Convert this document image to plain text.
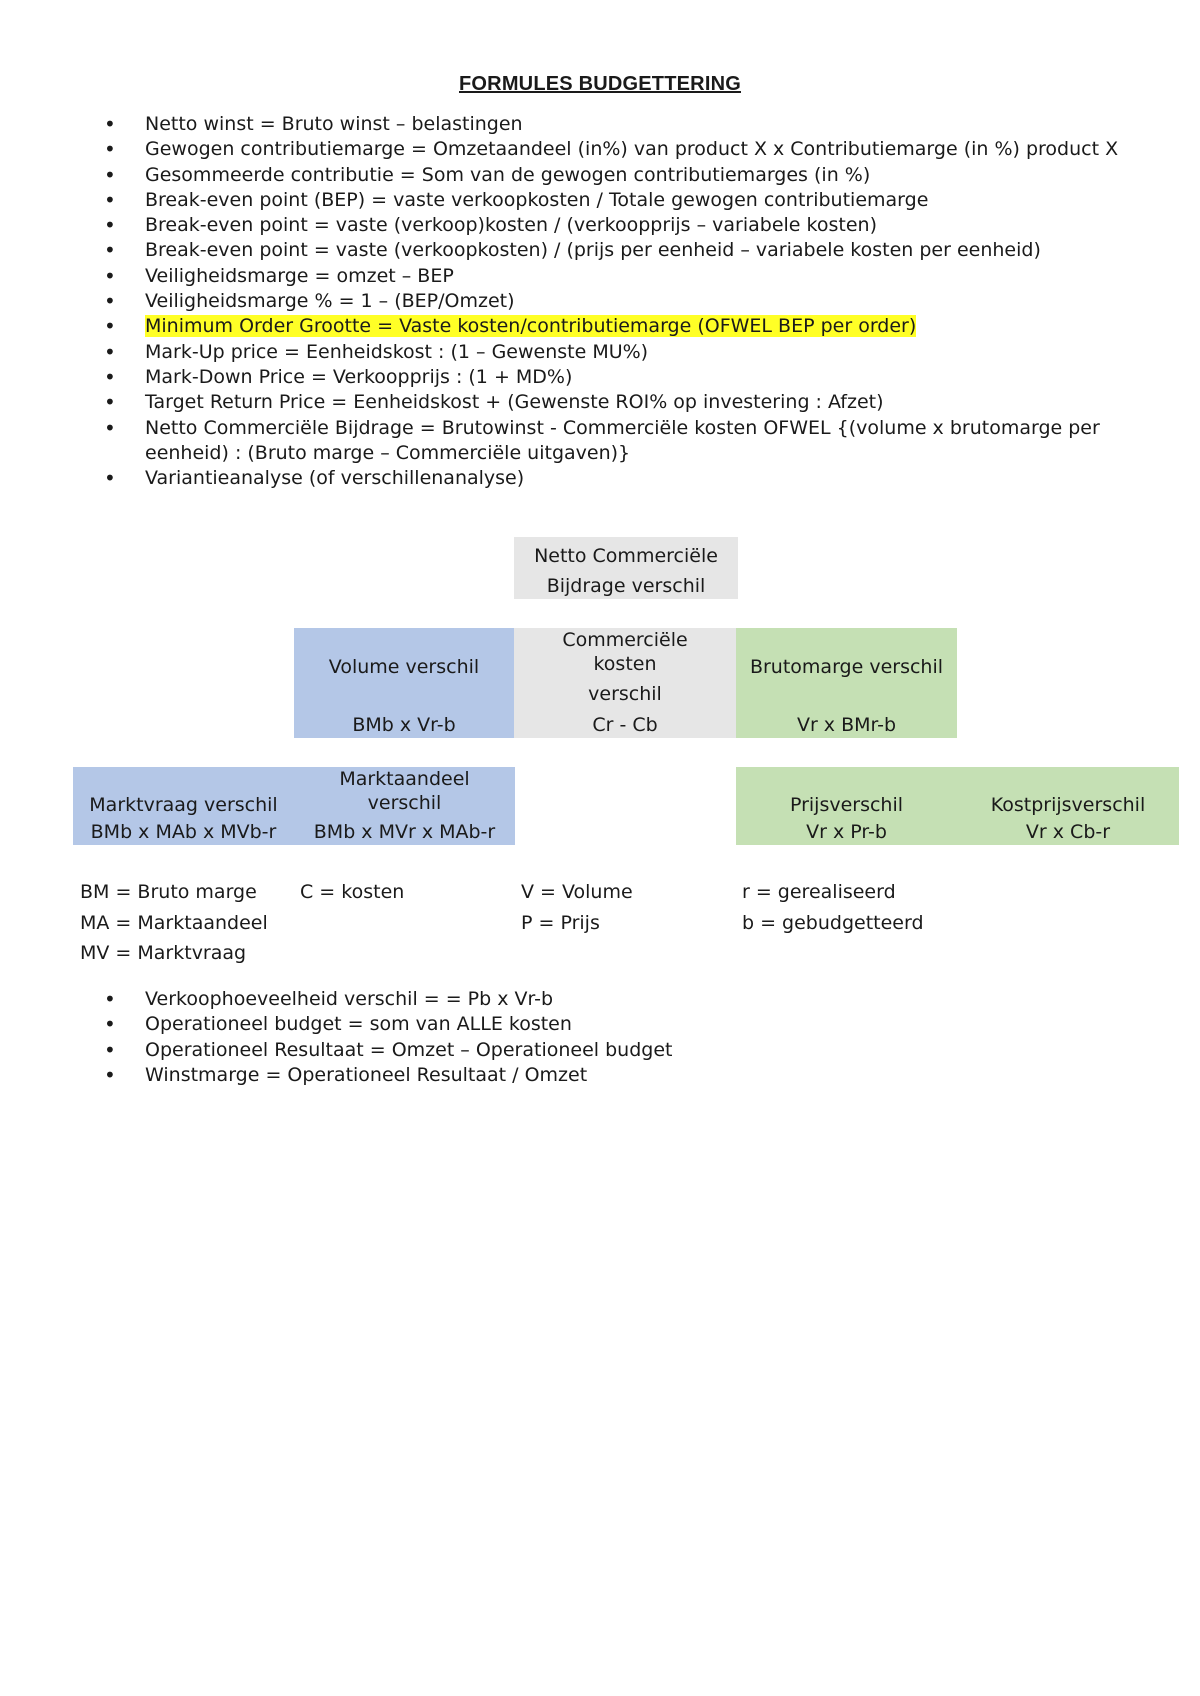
FORMULES BUDGETTERING
• Netto winst = Bruto winst – belastingen
• Gewogen contributiemarge = Omzetaandeel (in%) van product X x Contributiemarge (in %) product X
• Gesommeerde contributie = Som van de gewogen contributiemarges (in %)
• Break-even point (BEP) = vaste verkoopkosten / Totale gewogen contributiemarge
• Break-even point = vaste (verkoop)kosten / (verkoopprijs – variabele kosten)
• Break-even point = vaste (verkoopkosten) / (prijs per eenheid – variabele kosten per eenheid)
• Veiligheidsmarge = omzet – BEP
• Veiligheidsmarge % = 1 – (BEP/Omzet)
• Minimum Order Grootte = Vaste kosten/contributiemarge (OFWEL BEP per order)
• Mark-Up price = Eenheidskost : (1 – Gewenste MU%)
• Mark-Down Price = Verkoopprijs : (1 + MD%)
• Target Return Price = Eenheidskost + (Gewenste ROI% op investering : Afzet)
• Netto Commerciële Bijdrage = Brutowinst - Commerciële kosten OFWEL {(volume x brutomarge per eenheid) : (Bruto marge – Commerciële uitgaven)}
• Variantieanalyse (of verschillenanalyse)
Netto Commerciële
Bijdrage verschil
Volume verschil
BMb x Vr-b
Commerciële
kosten
verschil
Cr - Cb
Brutomarge verschil
Vr x BMr-b
Marktvraag verschil
BMb x MAb x MVb-r
Marktaandeel
verschil
BMb x MVr x MAb-r
Prijsverschil
Vr x Pr-b
Kostprijsverschil
Vr x Cb-r
BM = Bruto marge
MA = Marktaandeel
MV = Marktvraag
C = kosten	V = Volume
P = Prijs
r = gerealiseerd
b = gebudgetteerd
• Verkoophoeveelheid verschil = = Pb x Vr-b
• Operationeel budget = som van ALLE kosten
• Operationeel Resultaat = Omzet – Operationeel budget
• Winstmarge = Operationeel Resultaat / Omzet
